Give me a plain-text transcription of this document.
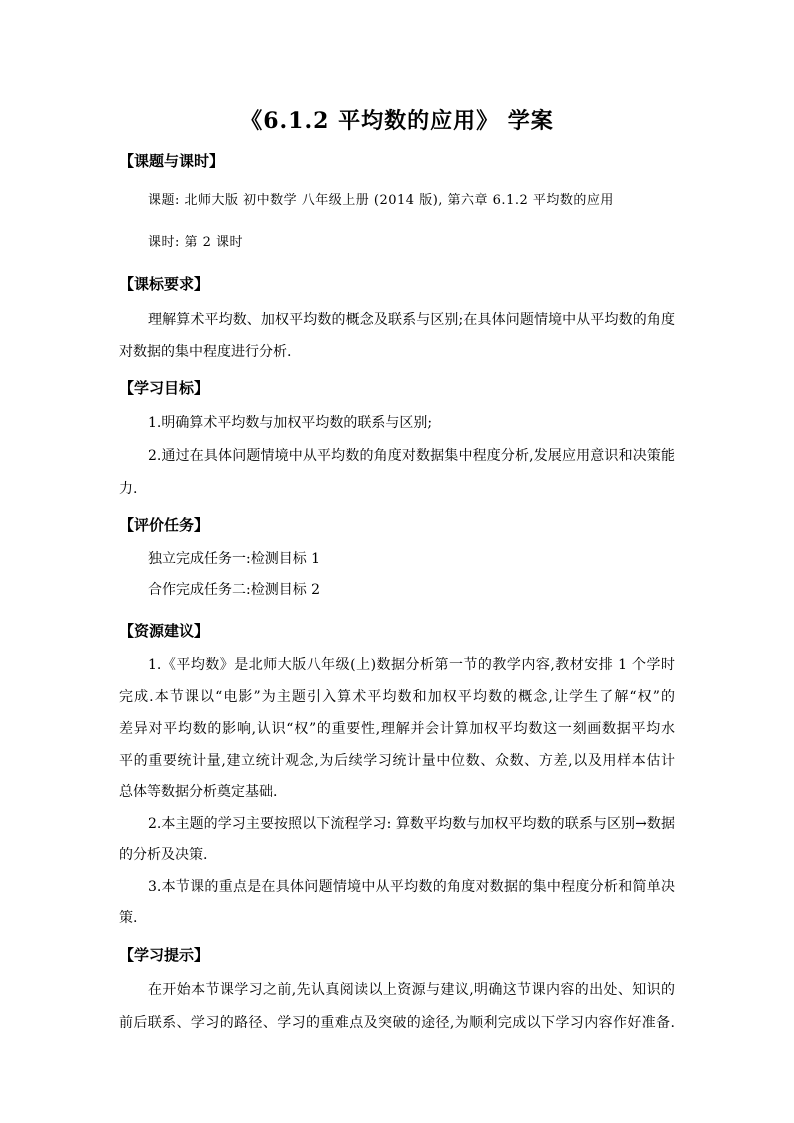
《6.1.2 平均数的应用》 学案
【课题与课时】
课题: 北师大版 初中数学 八年级上册 (2014 版), 第六章 6.1.2 平均数的应用
课时: 第 2 课时
【课标要求】
理解算术平均数、加权平均数的概念及联系与区别;在具体问题情境中从平均数的角度
对数据的集中程度进行分析.
【学习目标】
1.明确算术平均数与加权平均数的联系与区别;
2.通过在具体问题情境中从平均数的角度对数据集中程度分析,发展应用意识和决策能
力.
【评价任务】
独立完成任务一:检测目标 1
合作完成任务二:检测目标 2
【资源建议】
1.《平均数》是北师大版八年级(上)数据分析第一节的教学内容,教材安排 1 个学时
完成.本节课以“电影”为主题引入算术平均数和加权平均数的概念,让学生了解“权”的
差异对平均数的影响,认识“权”的重要性,理解并会计算加权平均数这一刻画数据平均水
平的重要统计量,建立统计观念,为后续学习统计量中位数、众数、方差,以及用样本估计
总体等数据分析奠定基础.
2.本主题的学习主要按照以下流程学习: 算数平均数与加权平均数的联系与区别→数据
的分析及决策.
3.本节课的重点是在具体问题情境中从平均数的角度对数据的集中程度分析和简单决
策.
【学习提示】
在开始本节课学习之前,先认真阅读以上资源与建议,明确这节课内容的出处、知识的
前后联系、学习的路径、学习的重难点及突破的途径,为顺利完成以下学习内容作好准备.
